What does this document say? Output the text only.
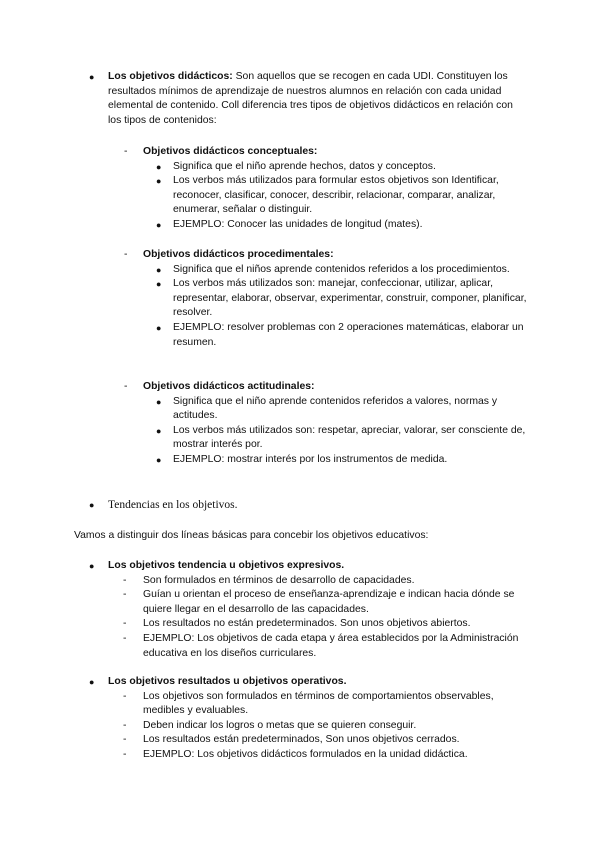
● Los objetivos didácticos: Son aquellos que se recogen en cada UDI. Constituyen los resultados mínimos de aprendizaje de nuestros alumnos en relación con cada unidad elemental de contenido. Coll diferencia tres tipos de objetivos didácticos en relación con los tipos de contenidos:
- Objetivos didácticos conceptuales:
● Significa que el niño aprende hechos, datos y conceptos.
● Los verbos más utilizados para formular estos objetivos son Identificar, reconocer, clasificar, conocer, describir, relacionar, comparar, analizar, enumerar, señalar o distinguir.
● EJEMPLO: Conocer las unidades de longitud (mates).
- Objetivos didácticos procedimentales:
● Significa que el niños aprende contenidos referidos a los procedimientos.
● Los verbos más utilizados son: manejar, confeccionar, utilizar, aplicar, representar, elaborar, observar, experimentar, construir, componer, planificar, resolver.
● EJEMPLO: resolver problemas con 2 operaciones matemáticas, elaborar un resumen.
- Objetivos didácticos actitudinales:
● Significa que el niño aprende contenidos referidos a valores, normas y actitudes.
● Los verbos más utilizados son: respetar, apreciar, valorar, ser consciente de, mostrar interés por.
● EJEMPLO: mostrar interés por los instrumentos de medida.
● Tendencias en los objetivos.
Vamos a distinguir dos líneas básicas para concebir los objetivos educativos:
● Los objetivos tendencia u objetivos expresivos.
- Son formulados en términos de desarrollo de capacidades.
- Guían u orientan el proceso de enseñanza-aprendizaje e indican hacia dónde se quiere llegar en el desarrollo de las capacidades.
- Los resultados no están predeterminados. Son unos objetivos abiertos.
- EJEMPLO: Los objetivos de cada etapa y área establecidos por la Administración educativa en los diseños curriculares.
● Los objetivos resultados u objetivos operativos.
- Los objetivos son formulados en términos de comportamientos observables, medibles y evaluables.
- Deben indicar los logros o metas que se quieren conseguir.
- Los resultados están predeterminados, Son unos objetivos cerrados.
- EJEMPLO: Los objetivos didácticos formulados en la unidad didáctica.
